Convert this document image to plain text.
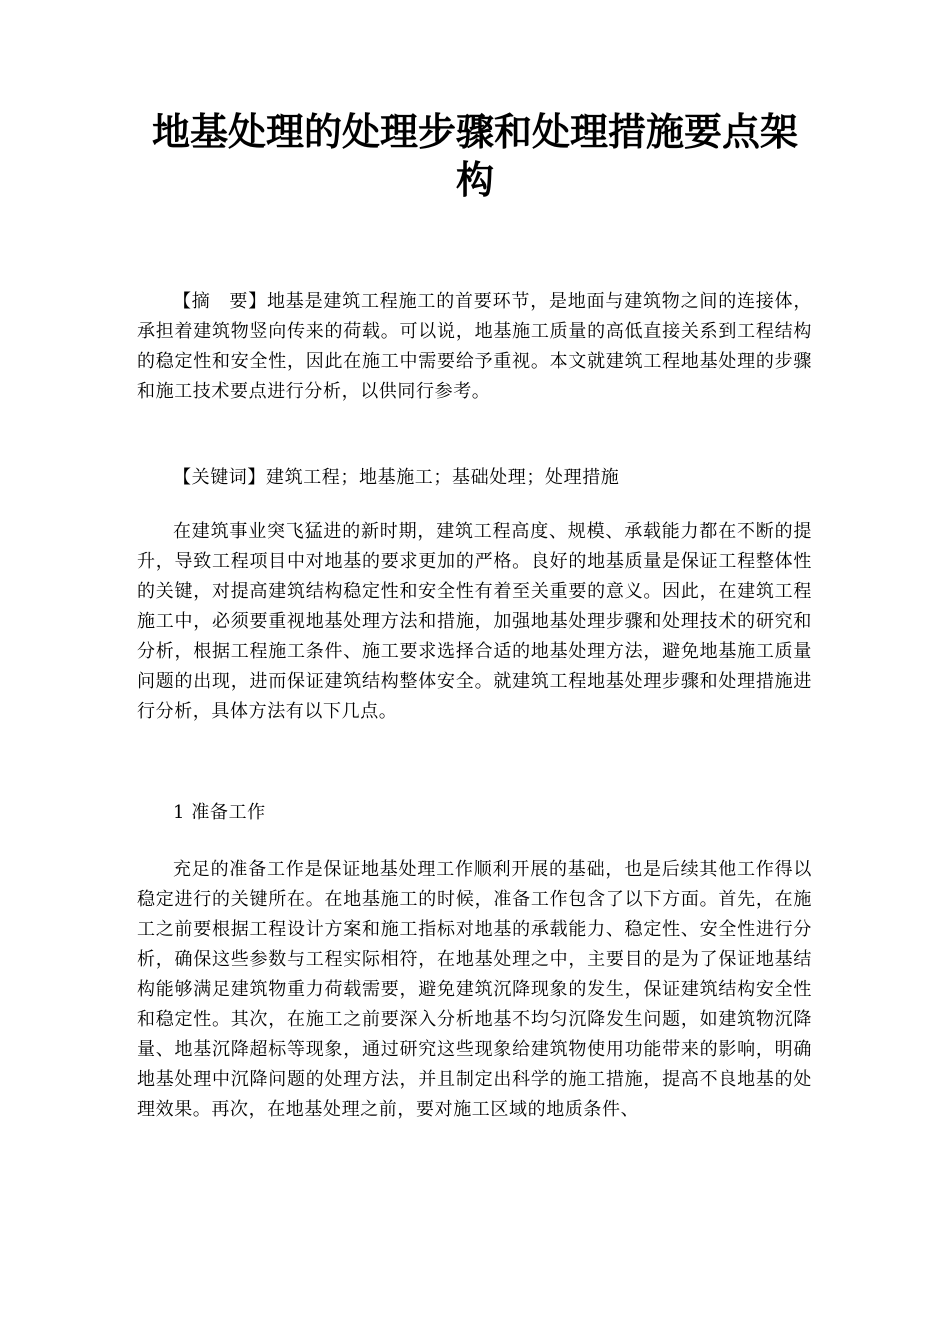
地基处理的处理步骤和处理措施要点架
构

【摘　要】地基是建筑工程施工的首要环节，是地面与建筑物之间的连接体，承担着建筑物竖向传来的荷载。可以说，地基施工质量的高低直接关系到工程结构的稳定性和安全性，因此在施工中需要给予重视。本文就建筑工程地基处理的步骤和施工技术要点进行分析，以供同行参考。

【关键词】建筑工程；地基施工；基础处理；处理措施

在建筑事业突飞猛进的新时期，建筑工程高度、规模、承载能力都在不断的提升，导致工程项目中对地基的要求更加的严格。良好的地基质量是保证工程整体性的关键，对提高建筑结构稳定性和安全性有着至关重要的意义。因此，在建筑工程施工中，必须要重视地基处理方法和措施，加强地基处理步骤和处理技术的研究和分析，根据工程施工条件、施工要求选择合适的地基处理方法，避免地基施工质量问题的出现，进而保证建筑结构整体安全。就建筑工程地基处理步骤和处理措施进行分析，具体方法有以下几点。

1 准备工作

充足的准备工作是保证地基处理工作顺利开展的基础，也是后续其他工作得以稳定进行的关键所在。在地基施工的时候，准备工作包含了以下方面。首先，在施工之前要根据工程设计方案和施工指标对地基的承载能力、稳定性、安全性进行分析，确保这些参数与工程实际相符，在地基处理之中，主要目的是为了保证地基结构能够满足建筑物重力荷载需要，避免建筑沉降现象的发生，保证建筑结构安全性和稳定性。其次，在施工之前要深入分析地基不均匀沉降发生问题，如建筑物沉降量、地基沉降超标等现象，通过研究这些现象给建筑物使用功能带来的影响，明确地基处理中沉降问题的处理方法，并且制定出科学的施工措施，提高不良地基的处理效果。再次，在地基处理之前，要对施工区域的地质条件、
